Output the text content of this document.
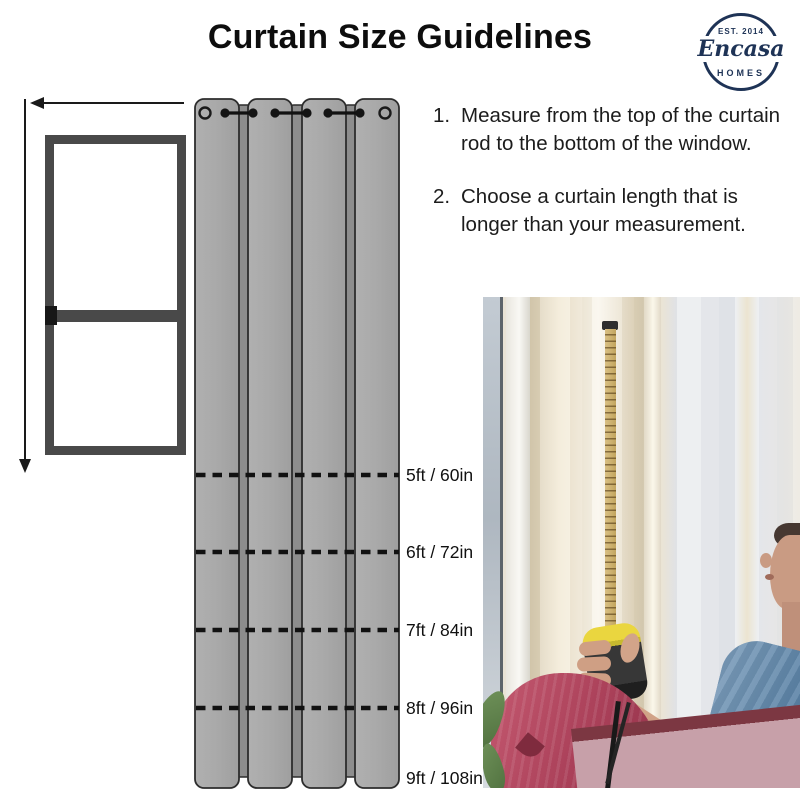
Curtain Size Guidelines	EST. 2014
Encasa
HOMES
5ft / 60in
6ft / 72in
7ft / 84in
8ft / 96in
9ft / 108in
1. Measure from the top of the curtain rod to the bottom of the window.
2. Choose a curtain length that is longer than your measurement.
